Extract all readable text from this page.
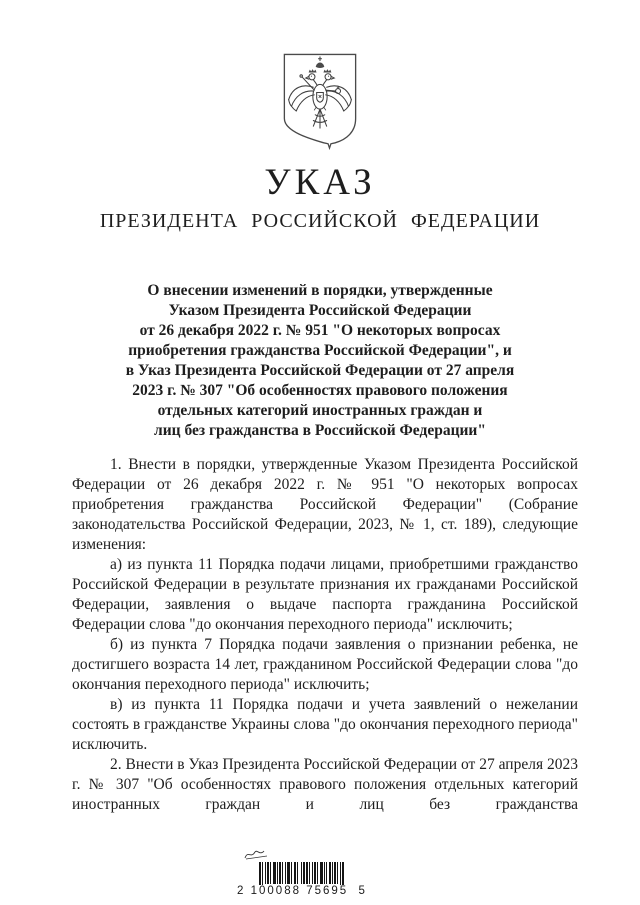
УКАЗ
ПРЕЗИДЕНТА РОССИЙСКОЙ ФЕДЕРАЦИИ
О внесении изменений в порядки, утвержденные
Указом Президента Российской Федерации
от 26 декабря 2022 г. № 951 "О некоторых вопросах
приобретения гражданства Российской Федерации", и
в Указ Президента Российской Федерации от 27 апреля
2023 г. № 307 "Об особенностях правового положения
отдельных категорий иностранных граждан и
лиц без гражданства в Российской Федерации"

1. Внести в порядки, утвержденные Указом Президента Российской Федерации от 26 декабря 2022 г. № 951 "О некоторых вопросах приобретения гражданства Российской Федерации" (Собрание законодательства Российской Федерации, 2023, № 1, ст. 189), следующие изменения:

а) из пункта 11 Порядка подачи лицами, приобретшими гражданство Российской Федерации в результате признания их гражданами Российской Федерации, заявления о выдаче паспорта гражданина Российской Федерации слова "до окончания переходного периода" исключить;

б) из пункта 7 Порядка подачи заявления о признании ребенка, не достигшего возраста 14 лет, гражданином Российской Федерации слова "до окончания переходного периода" исключить;

в) из пункта 11 Порядка подачи и учета заявлений о нежелании состоять в гражданстве Украины слова "до окончания переходного периода" исключить.

2. Внести в Указ Президента Российской Федерации от 27 апреля 2023 г. № 307 "Об особенностях правового положения отдельных категорий иностранных граждан и лиц без гражданства

2 100088 75695  5
